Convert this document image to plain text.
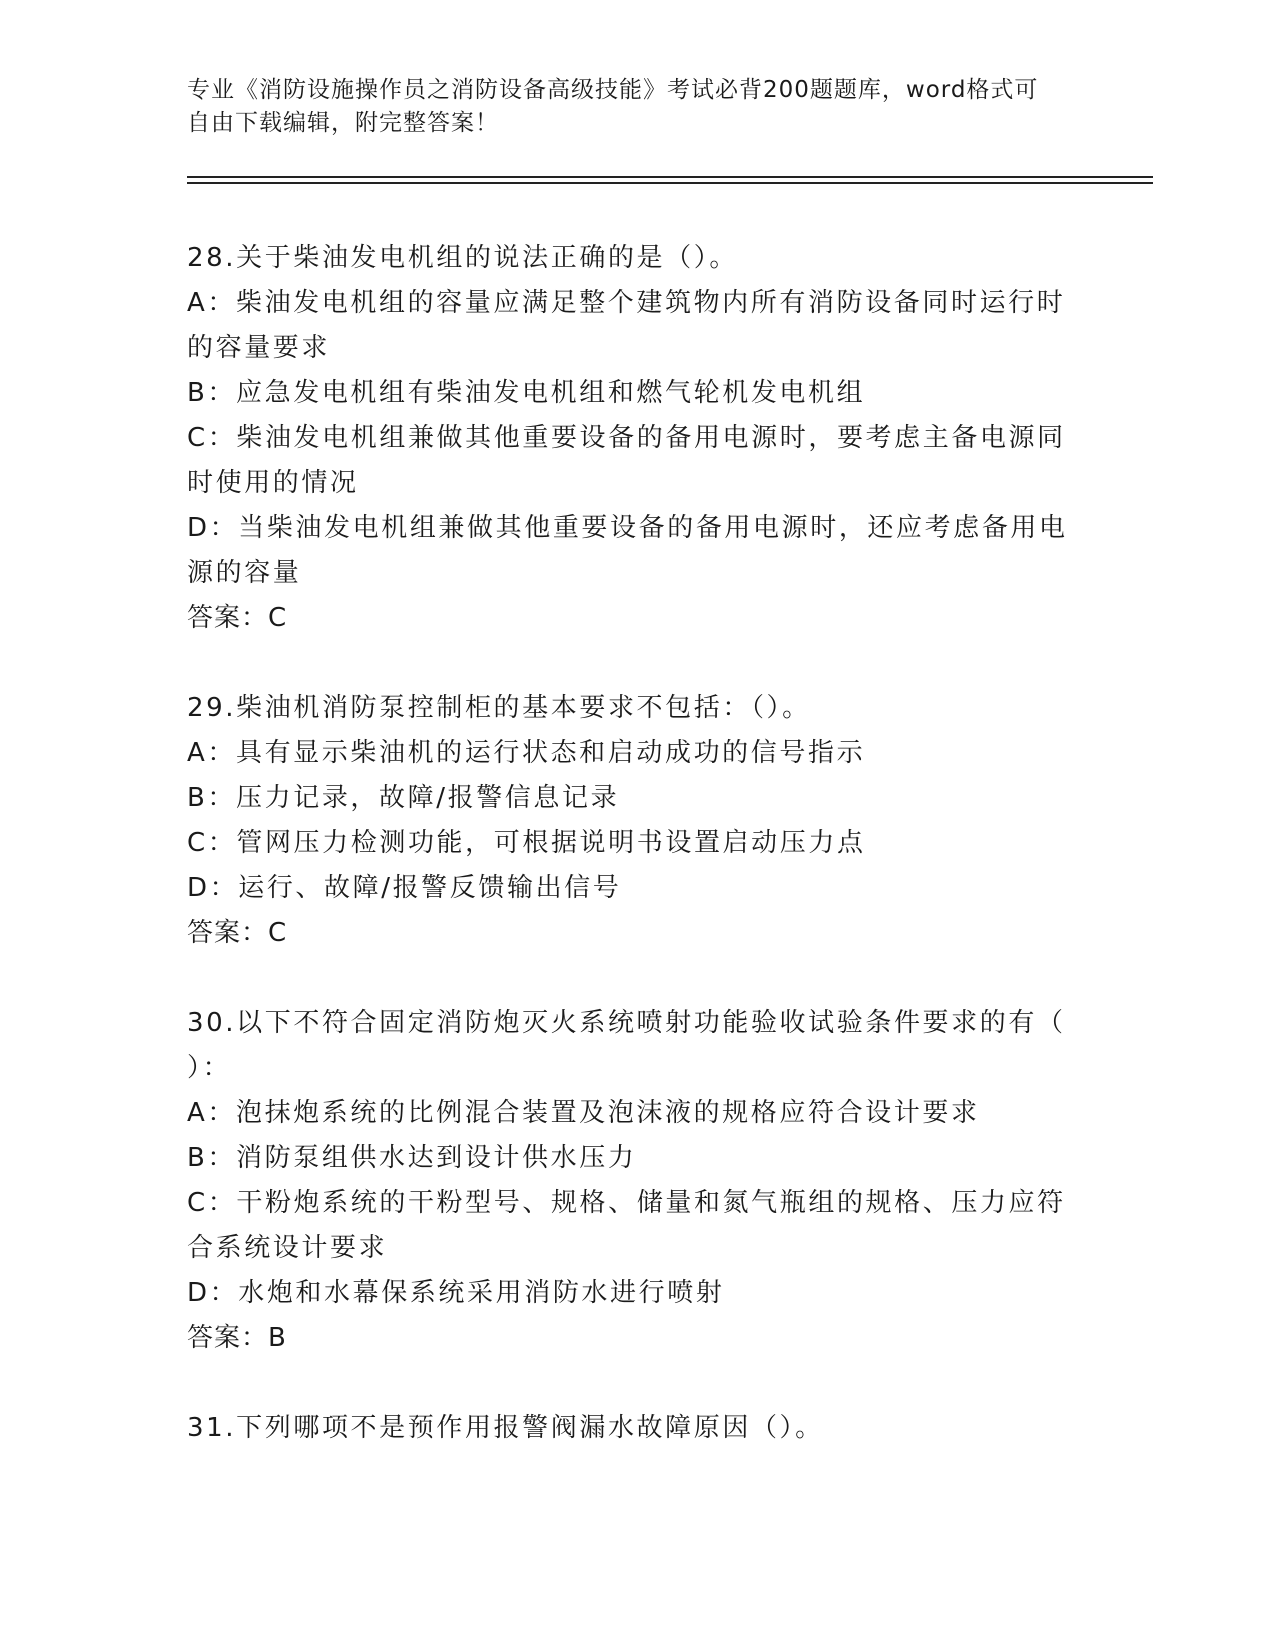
专业《消防设施操作员之消防设备高级技能》考试必背200题题库，word格式可
自由下载编辑，附完整答案！

28.关于柴油发电机组的说法正确的是（）。

A：柴油发电机组的容量应满足整个建筑物内所有消防设备同时运行时

的容量要求

B：应急发电机组有柴油发电机组和燃气轮机发电机组

C：柴油发电机组兼做其他重要设备的备用电源时，要考虑主备电源同

时使用的情况

D：当柴油发电机组兼做其他重要设备的备用电源时，还应考虑备用电

源的容量

答案：C

29.柴油机消防泵控制柜的基本要求不包括：（）。

A：具有显示柴油机的运行状态和启动成功的信号指示

B：压力记录，故障/报警信息记录

C：管网压力检测功能，可根据说明书设置启动压力点

D：运行、故障/报警反馈输出信号

答案：C

30.以下不符合固定消防炮灭火系统喷射功能验收试验条件要求的有（

）：

A：泡抹炮系统的比例混合装置及泡沫液的规格应符合设计要求

B：消防泵组供水达到设计供水压力

C：干粉炮系统的干粉型号、规格、储量和氮气瓶组的规格、压力应符

合系统设计要求

D：水炮和水幕保系统采用消防水进行喷射

答案：B

31.下列哪项不是预作用报警阀漏水故障原因（）。
